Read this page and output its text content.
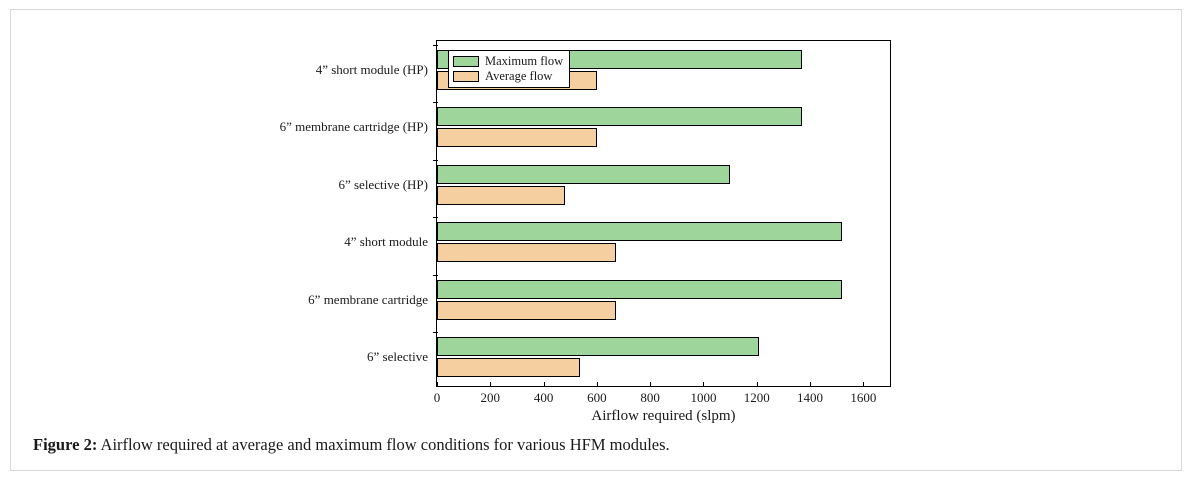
Maximum flow
Average flow
4” short module (HP)
6” membrane cartridge (HP)
6” selective (HP)
4” short module
6” membrane cartridge
6” selective
0	200	400	600	800 1000 1200 1400 1600
Airflow required (slpm)
Figure 2: Airflow required at average and maximum flow conditions for various HFM modules.
